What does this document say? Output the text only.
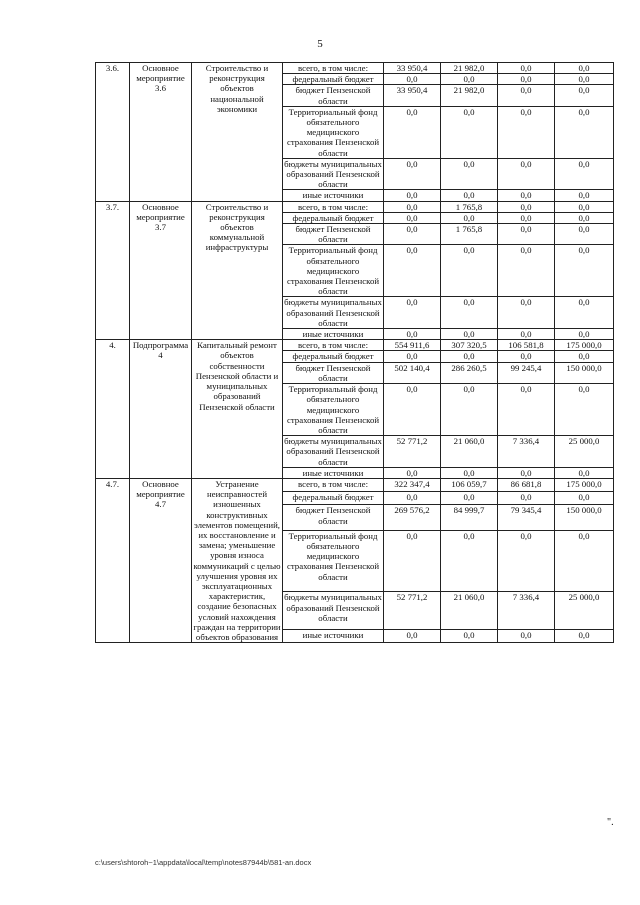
5
3.6.	Основное мероприятие 3.6	Строительство и реконструкция объектов национальной экономики	всего, в том числе:	33 950,4	21 982,0	0,0	0,0
			федеральный бюджет	0,0	0,0	0,0	0,0
			бюджет Пензенской области	33 950,4	21 982,0	0,0	0,0
			Территориальный фонд обязательного медицинского страхования Пензенской области	0,0	0,0	0,0	0,0
			бюджеты муниципальных образований Пензенской области	0,0	0,0	0,0	0,0
			иные источники	0,0	0,0	0,0	0,0
3.7.	Основное мероприятие 3.7	Строительство и реконструкция объектов коммунальной инфраструктуры	всего, в том числе:	0,0	1 765,8	0,0	0,0
			федеральный бюджет	0,0	0,0	0,0	0,0
			бюджет Пензенской области	0,0	1 765,8	0,0	0,0
			Территориальный фонд обязательного медицинского страхования Пензенской области	0,0	0,0	0,0	0,0
			бюджеты муниципальных образований Пензенской области	0,0	0,0	0,0	0,0
			иные источники	0,0	0,0	0,0	0,0
4.	Подпрограмма 4	Капитальный ремонт объектов собственности Пензенской области и муниципальных образований Пензенской области	всего, в том числе:	554 911,6	307 320,5	106 581,8	175 000,0
			федеральный бюджет	0,0	0,0	0,0	0,0
			бюджет Пензенской области	502 140,4	286 260,5	99 245,4	150 000,0
			Территориальный фонд обязательного медицинского страхования Пензенской области	0,0	0,0	0,0	0,0
			бюджеты муниципальных образований Пензенской области	52 771,2	21 060,0	7 336,4	25 000,0
			иные источники	0,0	0,0	0,0	0,0
4.7.	Основное мероприятие 4.7	Устранение неисправностей изношенных конструктивных элементов помещений, их восстановление и замена; уменьшение уровня износа коммуникаций с целью улучшения уровня их эксплуатационных характеристик, создание безопасных условий нахождения граждан на территории объектов образования	всего, в том числе:	322 347,4	106 059,7	86 681,8	175 000,0
			федеральный бюджет	0,0	0,0	0,0	0,0
			бюджет Пензенской области	269 576,2	84 999,7	79 345,4	150 000,0
			Территориальный фонд обязательного медицинского страхования Пензенской области	0,0	0,0	0,0	0,0
			бюджеты муниципальных образований Пензенской области	52 771,2	21 060,0	7 336,4	25 000,0
			иные источники	0,0	0,0	0,0	0,0
".
c:\users\shtoroh~1\appdata\local\temp\notes87944b\581-an.docx
